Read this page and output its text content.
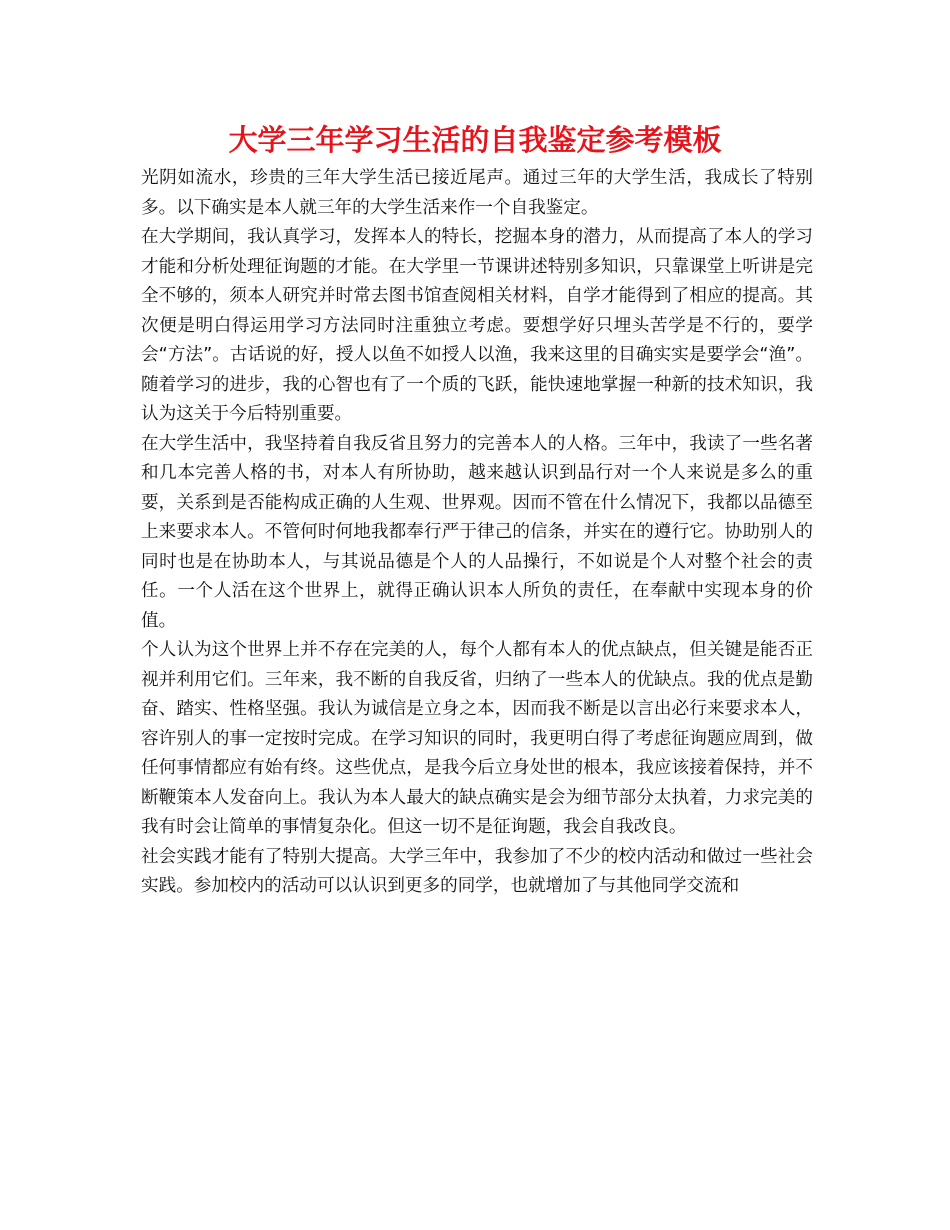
大学三年学习生活的自我鉴定参考模板

光阴如流水，珍贵的三年大学生活已接近尾声。通过三年的大学生活，我成长了特别多。以下确实是本人就三年的大学生活来作一个自我鉴定。

在大学期间，我认真学习，发挥本人的特长，挖掘本身的潜力，从而提高了本人的学习才能和分析处理征询题的才能。在大学里一节课讲述特别多知识，只靠课堂上听讲是完全不够的，须本人研究并时常去图书馆查阅相关材料，自学才能得到了相应的提高。其次便是明白得运用学习方法同时注重独立考虑。要想学好只埋头苦学是不行的，要学会“方法”。古话说的好，授人以鱼不如授人以渔，我来这里的目确实实是要学会“渔”。随着学习的进步，我的心智也有了一个质的飞跃，能快速地掌握一种新的技术知识，我认为这关于今后特别重要。

在大学生活中，我坚持着自我反省且努力的完善本人的人格。三年中，我读了一些名著和几本完善人格的书，对本人有所协助，越来越认识到品行对一个人来说是多么的重要，关系到是否能构成正确的人生观、世界观。因而不管在什么情况下，我都以品德至上来要求本人。不管何时何地我都奉行严于律己的信条，并实在的遵行它。协助别人的同时也是在协助本人，与其说品德是个人的人品操行，不如说是个人对整个社会的责任。一个人活在这个世界上，就得正确认识本人所负的责任，在奉献中实现本身的价值。

个人认为这个世界上并不存在完美的人，每个人都有本人的优点缺点，但关键是能否正视并利用它们。三年来，我不断的自我反省，归纳了一些本人的优缺点。我的优点是勤奋、踏实、性格坚强。我认为诚信是立身之本，因而我不断是以言出必行来要求本人，容许别人的事一定按时完成。在学习知识的同时，我更明白得了考虑征询题应周到，做任何事情都应有始有终。这些优点，是我今后立身处世的根本，我应该接着保持，并不断鞭策本人发奋向上。我认为本人最大的缺点确实是会为细节部分太执着，力求完美的我有时会让简单的事情复杂化。但这一切不是征询题，我会自我改良。

社会实践才能有了特别大提高。大学三年中，我参加了不少的校内活动和做过一些社会实践。参加校内的活动可以认识到更多的同学，也就增加了与其他同学交流和
